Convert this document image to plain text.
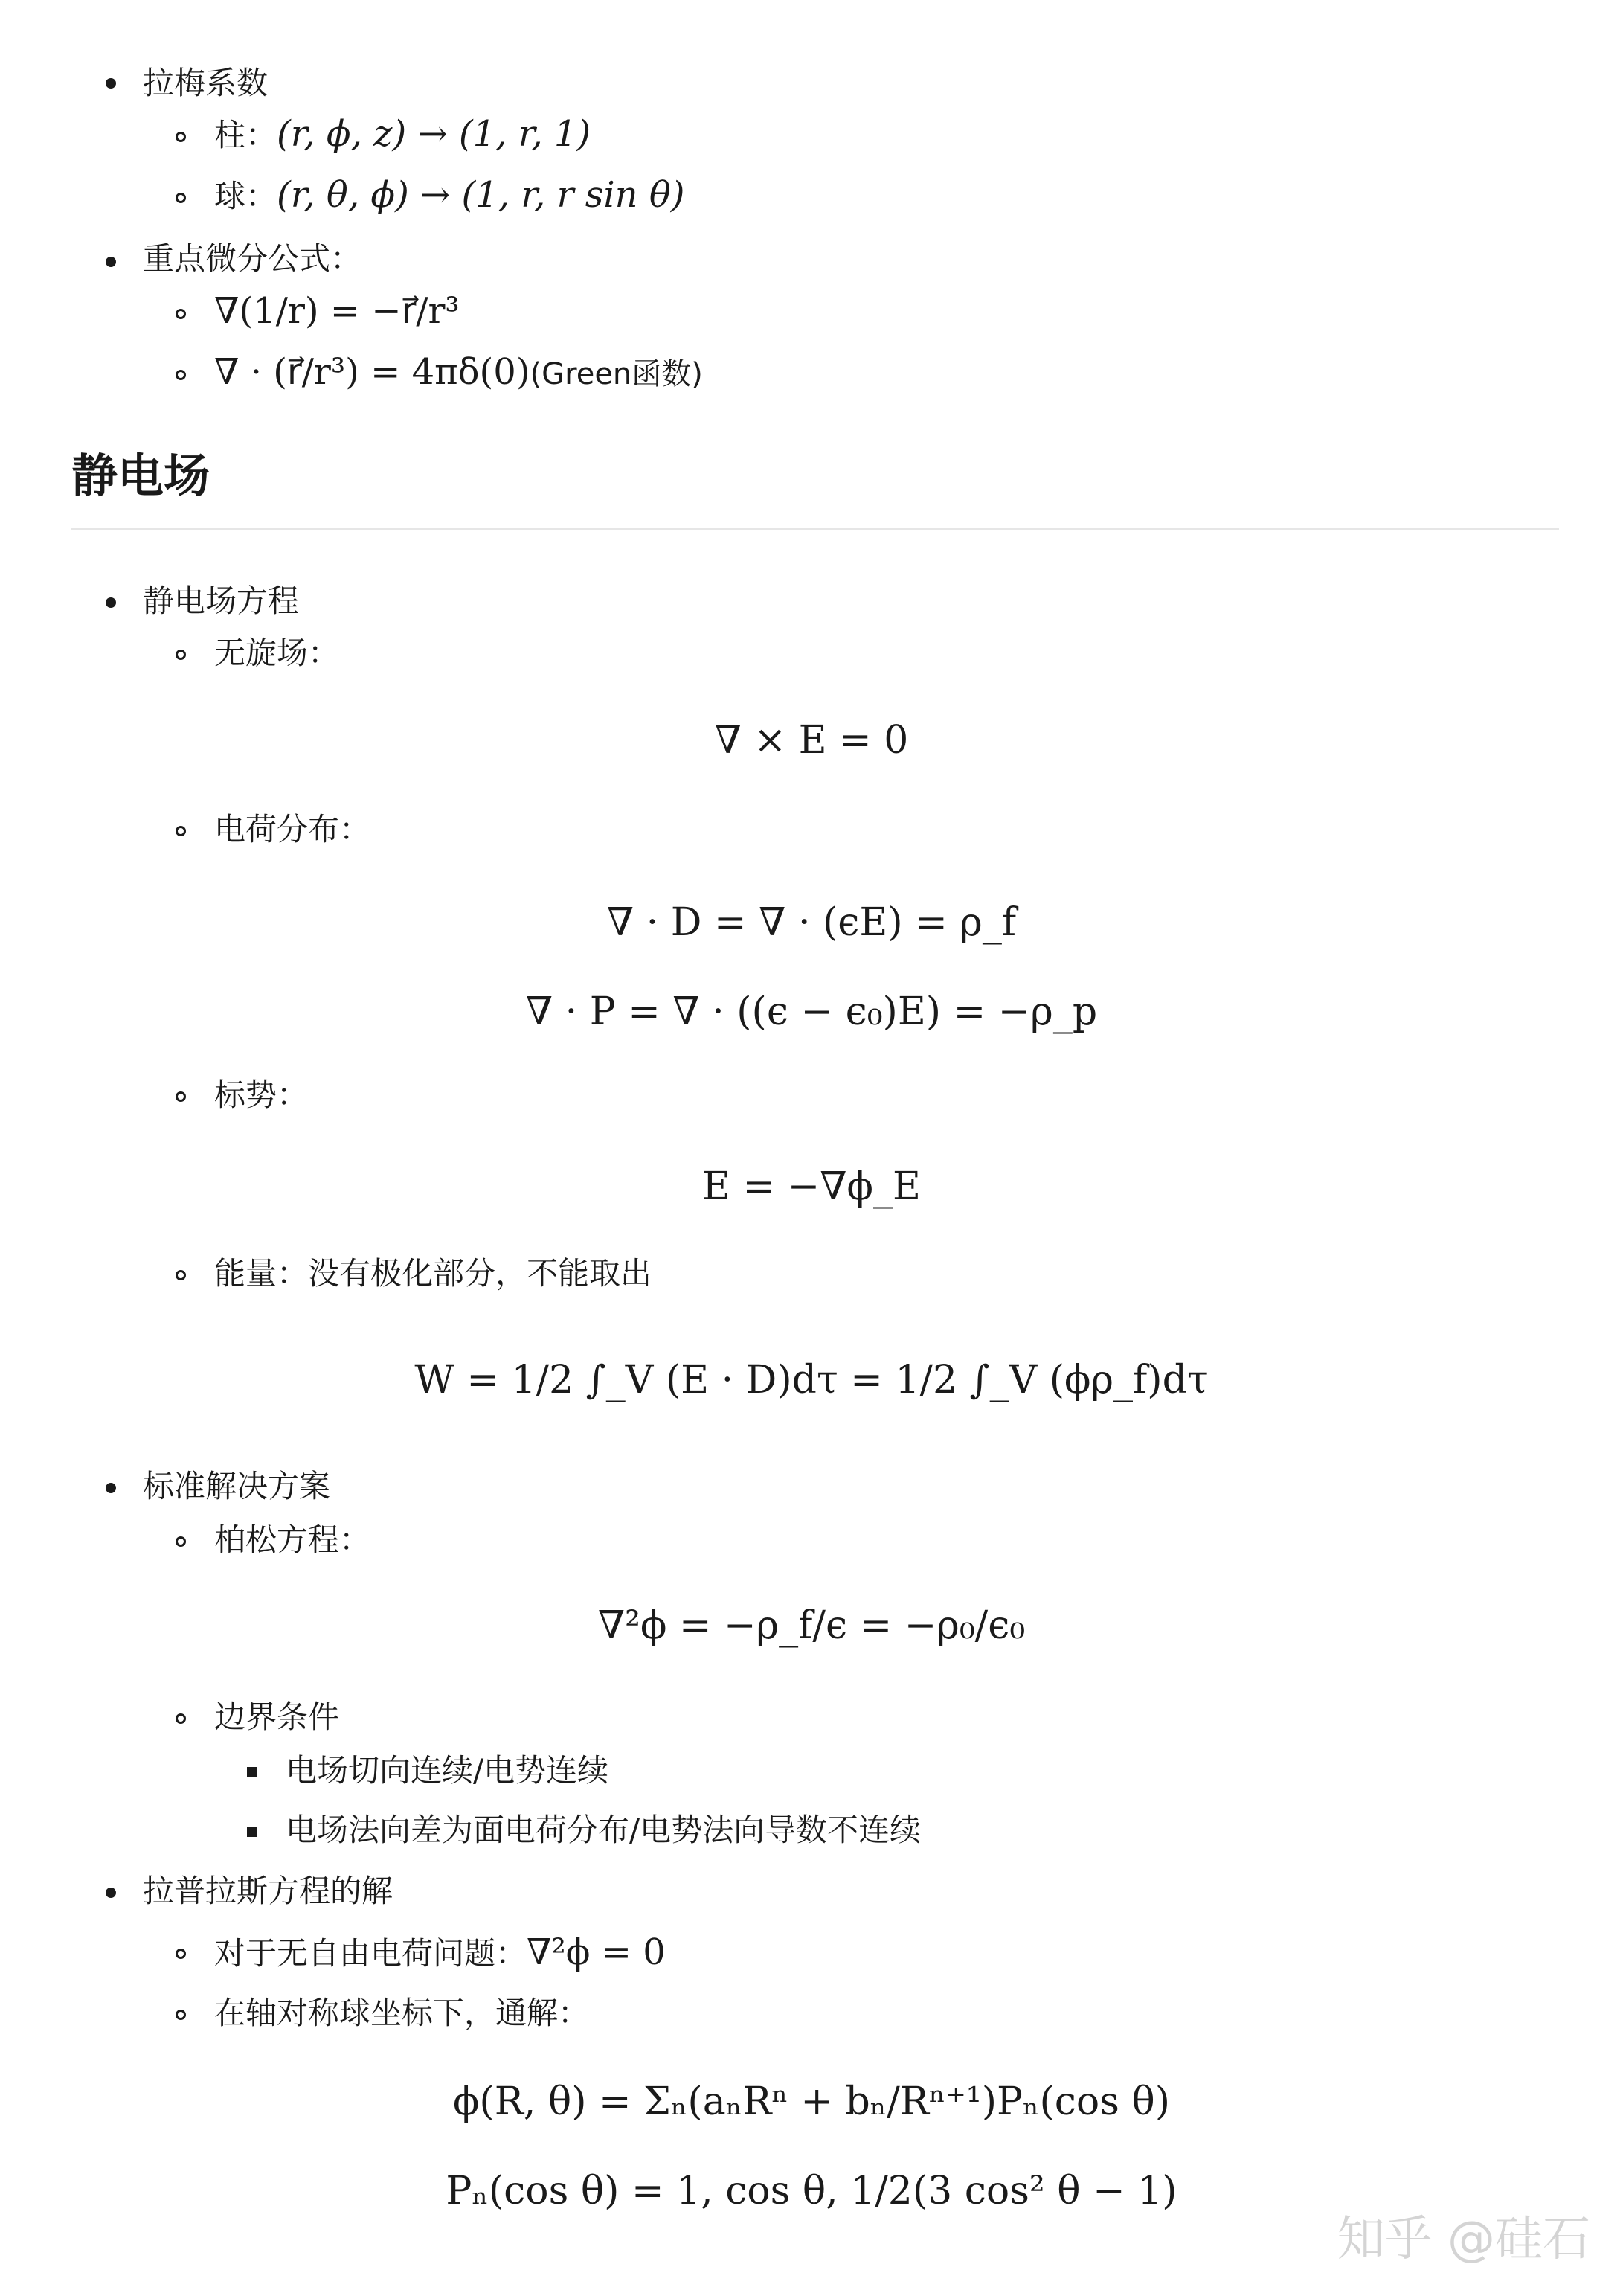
拉梅系数
柱：(r, ϕ, z) → (1, r, 1)
球：(r, θ, ϕ) → (1, r, r sin θ)
重点微分公式：
∇(1/r) = −r⃗/r³
∇ · (r⃗/r³) = 4πδ(0)(Green函数)
静电场
静电场方程
无旋场：
∇ × E = 0
电荷分布：
∇ · D = ∇ · (ϵE) = ρ_f
∇ · P = ∇ · ((ϵ − ϵ₀)E) = −ρ_p
标势：
E = −∇ϕ_E
能量：没有极化部分，不能取出
W = 1/2 ∫_V (E · D)dτ = 1/2 ∫_V (ϕρ_f)dτ
标准解决方案
柏松方程：
∇²ϕ = −ρ_f/ϵ = −ρ₀/ϵ₀
边界条件
电场切向连续/电势连续
电场法向差为面电荷分布/电势法向导数不连续
拉普拉斯方程的解
对于无自由电荷问题：∇²ϕ = 0
在轴对称球坐标下，通解：
ϕ(R, θ) = Σₙ(aₙRⁿ + bₙ/Rⁿ⁺¹)Pₙ(cos θ)
Pₙ(cos θ) = 1, cos θ, 1/2(3 cos² θ − 1)
知乎 @硅石
